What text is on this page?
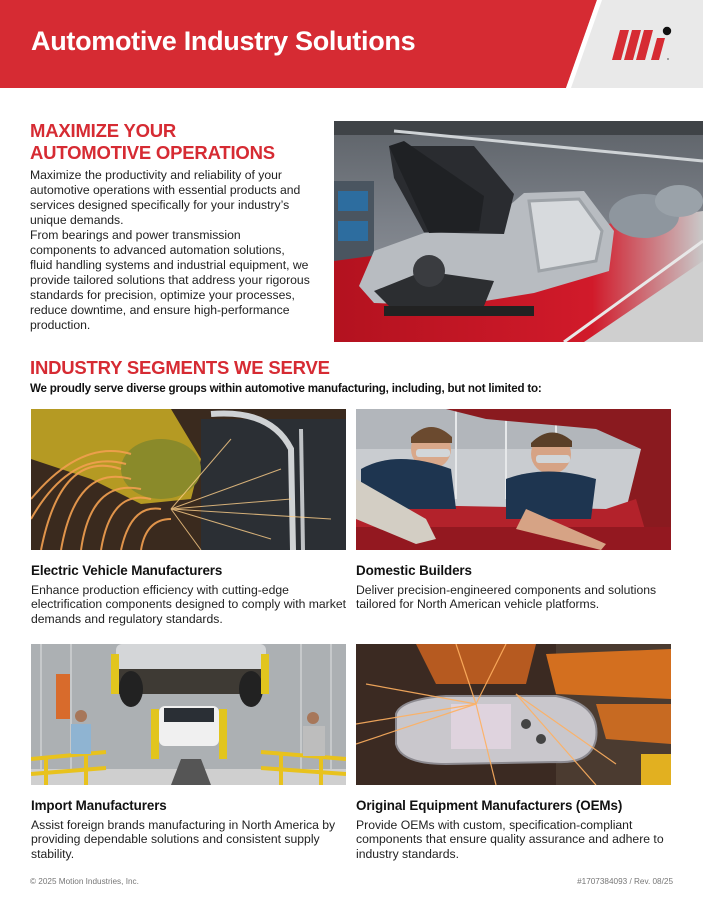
Automotive Industry Solutions
MAXIMIZE YOUR
AUTOMOTIVE OPERATIONS

Maximize the productivity and reliability of your automotive operations with essential products and services designed specifically for your industry’s unique demands.

From bearings and power transmission components to advanced automation solutions, fluid handling systems and industrial equipment, we provide tailored solutions that address your rigorous standards for precision, optimize your processes, reduce downtime, and ensure high-performance production.

INDUSTRY SEGMENTS WE SERVE
We proudly serve diverse groups within automotive manufacturing, including, but not limited to:
Electric Vehicle Manufacturers
Enhance production efficiency with cutting-edge electrification components designed to comply with market demands and regulatory standards.
Domestic Builders
Deliver precision-engineered components and solutions tailored for North American vehicle platforms.
Import Manufacturers
Assist foreign brands manufacturing in North America by providing dependable solutions and consistent supply stability.
Original Equipment Manufacturers (OEMs)
Provide OEMs with custom, specification-compliant components that ensure quality assurance and adhere to industry standards.
© 2025 Motion Industries, Inc.	#1707384093 / Rev. 08/25
